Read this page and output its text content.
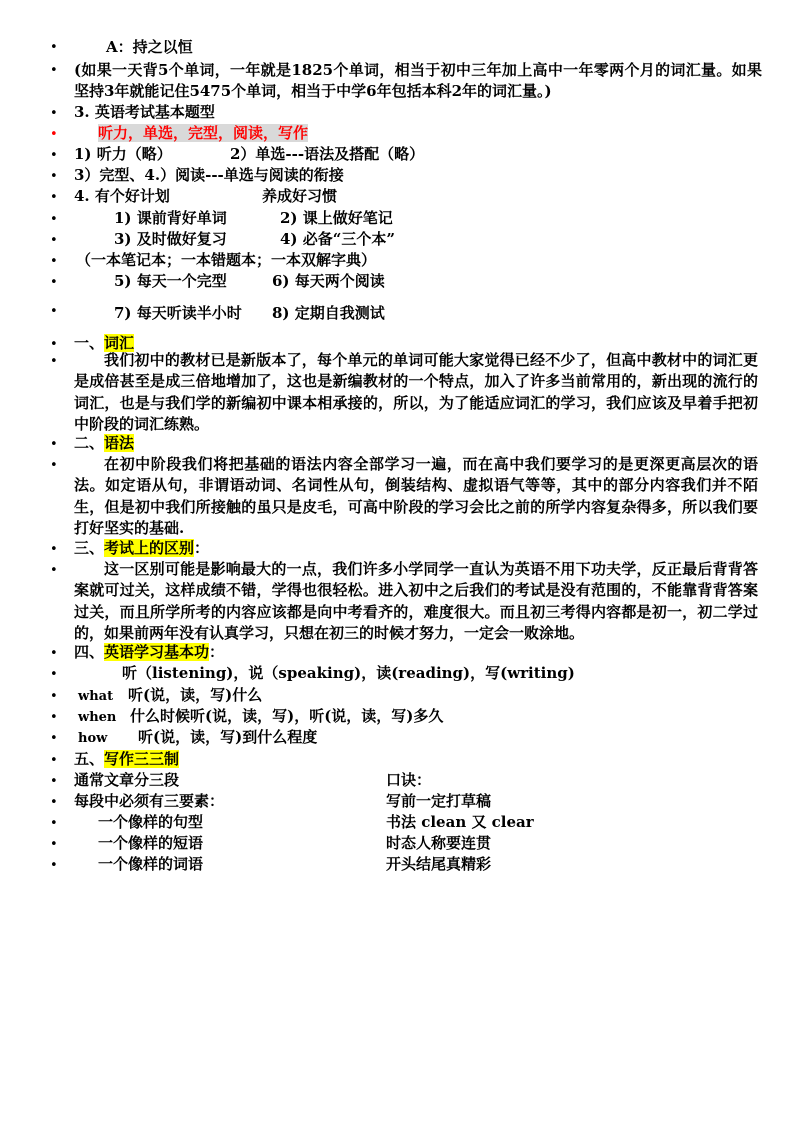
•	A：持之以恒
• (如果一天背5个单词，一年就是1825个单词，相当于初中三年加上高中一年零两个月的词汇量。如果坚持3年就能记住5475个单词，相当于中学6年包括本科2年的词汇量。)
• 3. 英语考试基本题型
•	听力，单选，完型，阅读，写作
• 1) 听力（略）	2）单选---语法及搭配（略）
• 3）完型、4.）阅读---单选与阅读的衔接
• 4. 有个好计划	养成好习惯
•	1) 课前背好单词	2) 课上做好笔记
•	3) 及时做好复习	4) 必备“三个本”
• （一本笔记本；一本错题本；一本双解字典）
•	5) 每天一个完型	6) 每天两个阅读
•	7) 每天听读半小时 8) 定期自我测试
• 一、词汇
•	我们初中的教材已是新版本了，每个单元的单词可能大家觉得已经不少了，但高中教材中的词汇更是成倍甚至是成三倍地增加了，这也是新编教材的一个特点，加入了许多当前常用的，新出现的流行的词汇，也是与我们学的新编初中课本相承接的，所以，为了能适应词汇的学习，我们应该及早着手把初中阶段的词汇练熟。
• 二、语法
•	在初中阶段我们将把基础的语法内容全部学习一遍，而在高中我们要学习的是更深更高层次的语法。如定语从句，非谓语动词、名词性从句，倒装结构、虚拟语气等等，其中的部分内容我们并不陌生，但是初中我们所接触的虽只是皮毛，可高中阶段的学习会比之前的所学内容复杂得多，所以我们要打好坚实的基础.
• 三、考试上的区别：
•	这一区别可能是影响最大的一点，我们许多小学同学一直认为英语不用下功夫学，反正最后背背答案就可过关，这样成绩不错，学得也很轻松。进入初中之后我们的考试是没有范围的，不能靠背背答案过关，而且所学所考的内容应该都是向中考看齐的，难度很大。而且初三考得内容都是初一，初二学过的，如果前两年没有认真学习，只想在初三的时候才努力，一定会一败涂地。
• 四、英语学习基本功：
•	听（listening)，说（speaking)，读(reading)，写(writing)
• what 听(说，读，写)什么
• when 什么时候听(说，读，写)，听(说，读，写)多久
• how 听(说，读，写)到什么程度
• 五、写作三三制
• 通常文章分三段	口诀：
• 每段中必须有三要素：	写前一定打草稿
•	一个像样的句型	书法 clean 又 clear
•	一个像样的短语	时态人称要连贯
•	一个像样的词语	开头结尾真精彩
